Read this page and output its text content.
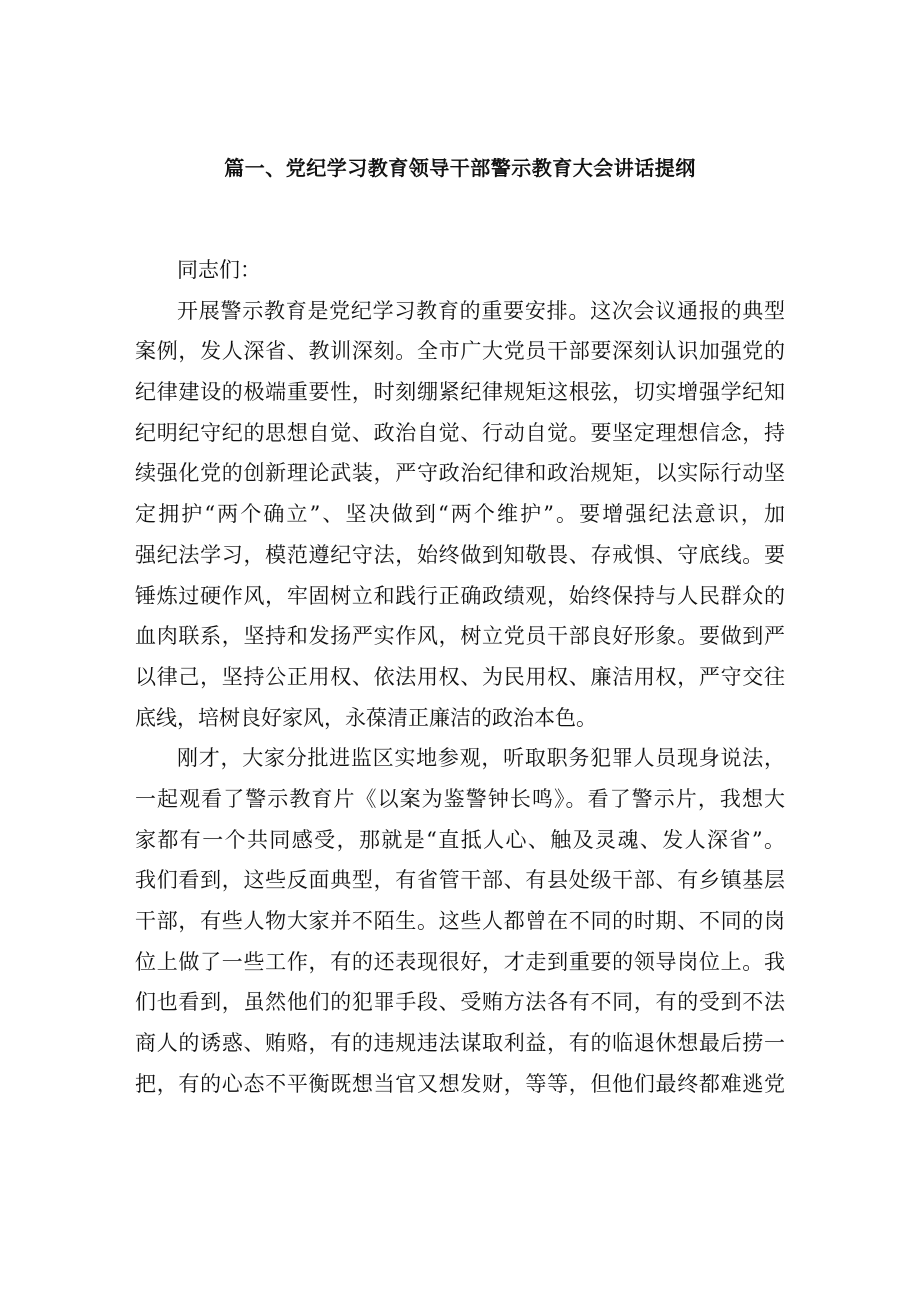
篇一、党纪学习教育领导干部警示教育大会讲话提纲
同志们：
开展警示教育是党纪学习教育的重要安排。这次会议通报的典型
案例，发人深省、教训深刻。全市广大党员干部要深刻认识加强党的
纪律建设的极端重要性，时刻绷紧纪律规矩这根弦，切实增强学纪知
纪明纪守纪的思想自觉、政治自觉、行动自觉。要坚定理想信念，持
续强化党的创新理论武装，严守政治纪律和政治规矩，以实际行动坚
定拥护“两个确立”、坚决做到“两个维护”。要增强纪法意识，加
强纪法学习，模范遵纪守法，始终做到知敬畏、存戒惧、守底线。要
锤炼过硬作风，牢固树立和践行正确政绩观，始终保持与人民群众的
血肉联系，坚持和发扬严实作风，树立党员干部良好形象。要做到严
以律己，坚持公正用权、依法用权、为民用权、廉洁用权，严守交往
底线，培树良好家风，永葆清正廉洁的政治本色。
刚才，大家分批进监区实地参观，听取职务犯罪人员现身说法，
一起观看了警示教育片《以案为鉴警钟长鸣》。看了警示片，我想大
家都有一个共同感受，那就是“直抵人心、触及灵魂、发人深省”。
我们看到，这些反面典型，有省管干部、有县处级干部、有乡镇基层
干部，有些人物大家并不陌生。这些人都曾在不同的时期、不同的岗
位上做了一些工作，有的还表现很好，才走到重要的领导岗位上。我
们也看到，虽然他们的犯罪手段、受贿方法各有不同，有的受到不法
商人的诱惑、贿赂，有的违规违法谋取利益，有的临退休想最后捞一
把，有的心态不平衡既想当官又想发财，等等，但他们最终都难逃党
